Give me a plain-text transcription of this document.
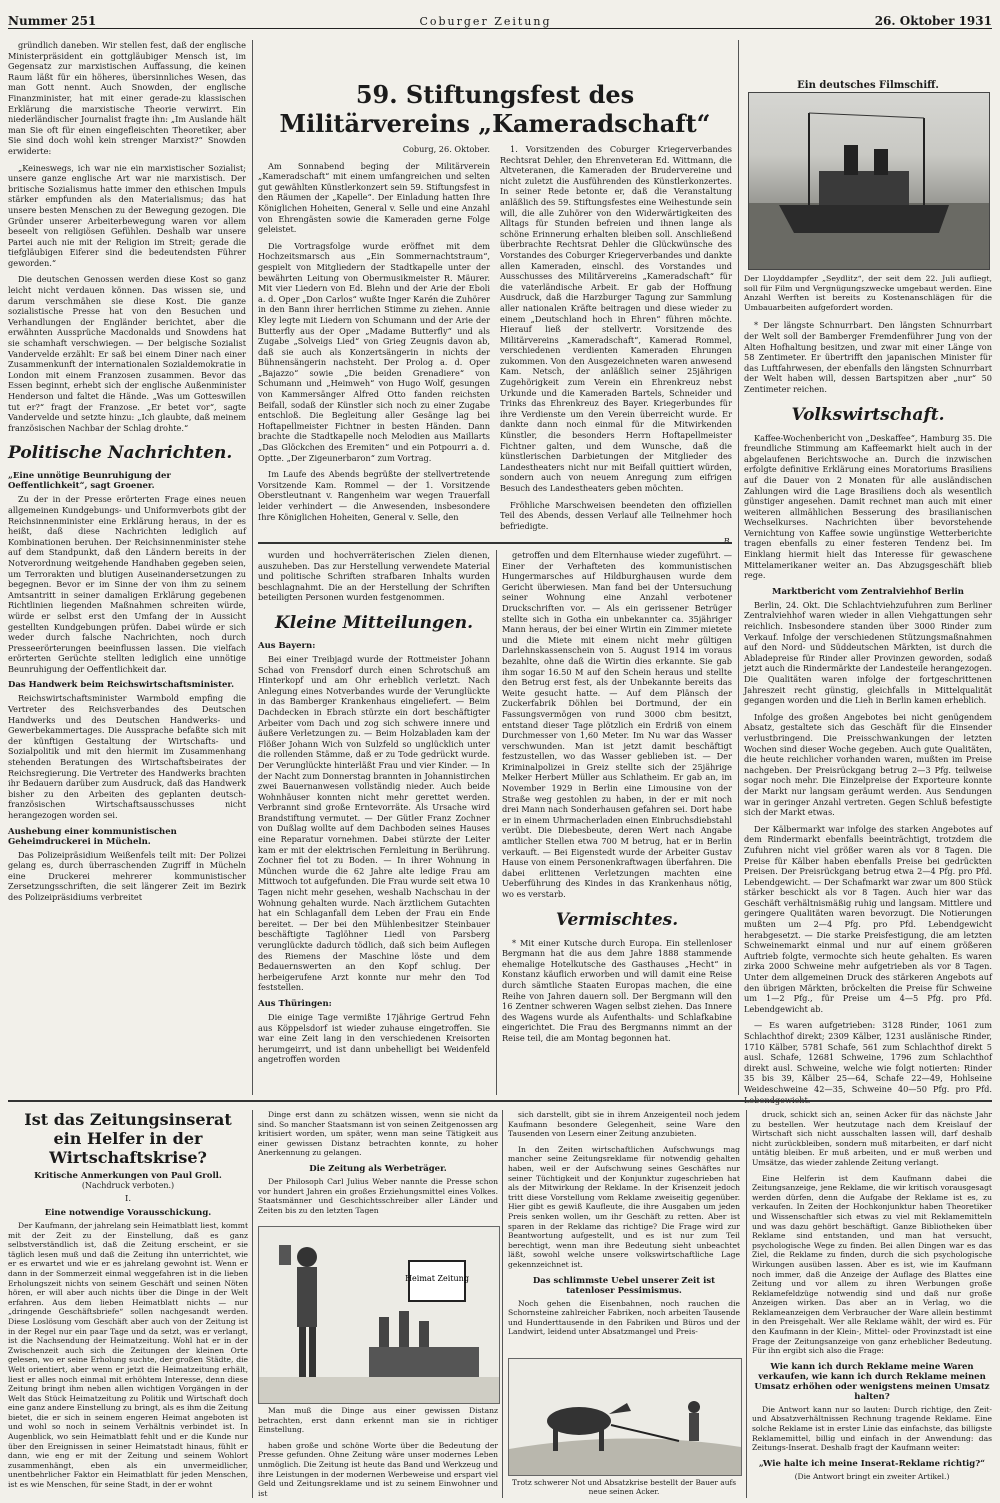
Nummer 251	Coburger Zeitung	26. Oktober 1931

gründlich daneben. Wir stellen fest, daß der englische Ministerpräsident ein gottgläubiger Mensch ist, im Gegensatz zur marxistischen Auffassung, die keinen Raum läßt für ein höheres, übersinnliches Wesen, das man Gott nennt. Auch Snowden, der englische Finanzminister, hat mit einer gerade-zu klassischen Erklärung die marxistische Theorie verwirrt. Ein niederländischer Journalist fragte ihn: „Im Auslande hält man Sie oft für einen eingefleischten Theoretiker, aber Sie sind doch wohl kein strenger Marxist?“ Snowden erwiderte:

„Keineswegs, ich war nie ein marxistischer Sozialist; unsere ganze englische Art war nie marxistisch. Der britische Sozialismus hatte immer den ethischen Impuls stärker empfunden als den Materialismus; das hat unsere besten Menschen zu der Bewegung gezogen. Die Gründer unserer Arbeiterbewegung waren vor allem beseelt von religiösen Gefühlen. Deshalb war unsere Partei auch nie mit der Religion im Streit; gerade die tiefgläubigen Eiferer sind die bedeutendsten Führer geworden.“

Die deutschen Genossen werden diese Kost so ganz leicht nicht verdauen können. Das wissen sie, und darum verschmähen sie diese Kost. Die ganze sozialistische Presse hat von den Besuchen und Verhandlungen der Engländer berichtet, aber die erwähnten Aussprüche Macdonalds und Snowdens hat sie schamhaft verschwiegen. — Der belgische Sozialist Vandervelde erzählt: Er saß bei einem Diner nach einer Zusammenkunft der internationalen Sozialdemokratie in London mit einem Franzosen zusammen. Bevor das Essen beginnt, erhebt sich der englische Außenminister Henderson und faltet die Hände. „Was um Gotteswillen tut er?“ fragt der Franzose. „Er betet vor“, sagte Vandervelde und setzte hinzu: „Ich glaubte, daß meinem französischen Nachbar der Schlag drohte.“

Politische Nachrichten.
„Eine unnötige Beunruhigung der Oeffentlichkeit“, sagt Groener.

Zu der in der Presse erörterten Frage eines neuen allgemeinen Kundgebungs- und Uniformverbots gibt der Reichsinnenminister eine Erklärung heraus, in der es heißt, daß diese Nachrichten lediglich auf Kombinationen beruhen. Der Reichsinnenminister stehe auf dem Standpunkt, daß den Ländern bereits in der Notverordnung weitgehende Handhaben gegeben seien, um Terrorakten und blutigen Auseinandersetzungen zu begegnen. Bevor er im Sinne der von ihm zu seinem Amtsantritt in seiner damaligen Erklärung gegebenen Richtlinien liegenden Maßnahmen schreiten würde, würde er selbst erst den Umfang der in Aussicht gestellten Kundgebungen prüfen. Dabei würde er sich weder durch falsche Nachrichten, noch durch Presseerörterungen beeinflussen lassen. Die vielfach erörterten Gerüchte stellten lediglich eine unnötige Beunruhigung der Oeffentlichkeit dar.

Das Handwerk beim Reichswirtschaftsminister.

Reichswirtschaftsminister Warmbold empfing die Vertreter des Reichsverbandes des Deutschen Handwerks und des Deutschen Handwerks- und Gewerbekammertages. Die Aussprache befaßte sich mit der künftigen Gestaltung der Wirtschafts- und Sozialpolitik und mit den hiermit im Zusammenhang stehenden Beratungen des Wirtschaftsbeirates der Reichsregierung. Die Vertreter des Handwerks brachten ihr Bedauern darüber zum Ausdruck, daß das Handwerk bisher zu den Arbeiten des geplanten deutsch-französischen Wirtschaftsausschusses nicht herangezogen worden sei.

Aushebung einer kommunistischen Geheimdruckerei in Mücheln.

Das Polizeipräsidium Weißenfels teilt mit: Der Polizei gelang es, durch überraschenden Zugriff in Mücheln eine Druckerei mehrerer kommunistischer Zersetzungsschriften, die seit längerer Zeit im Bezirk des Polizeipräsidiums verbreitet

59. Stiftungsfest des Militärvereins „Kameradschaft“

Coburg, 26. Oktober.

Am Sonnabend beging der Militärverein „Kameradschaft“ mit einem umfangreichen und selten gut gewählten Künstlerkonzert sein 59. Stiftungsfest in den Räumen der „Kapelle“. Der Einladung hatten Ihre Königlichen Hoheiten, General v. Selle und eine Anzahl von Ehrengästen sowie die Kameraden gerne Folge geleistet.

Die Vortragsfolge wurde eröffnet mit dem Hochzeitsmarsch aus „Ein Sommernachtstraum“, gespielt von Mitgliedern der Stadtkapelle unter der bewährten Leitung von Obermusikmeister R. Mäurer. Mit vier Liedern von Ed. Blehn und der Arie der Eboli a. d. Oper „Don Carlos“ wußte Inger Karén die Zuhörer in den Bann ihrer herrlichen Stimme zu ziehen. Annie Kley legte mit Liedern von Schumann und der Arie der Butterfly aus der Oper „Madame Butterfly“ und als Zugabe „Solveigs Lied“ von Grieg Zeugnis davon ab, daß sie auch als Konzertsängerin in nichts der Bühnensängerin nachsteht. Der Prolog a. d. Oper „Bajazzo“ sowie „Die beiden Grenadiere“ von Schumann und „Heimweh“ von Hugo Wolf, gesungen von Kammersänger Alfred Otto fanden reichsten Beifall, sodaß der Künstler sich noch zu einer Zugabe entschloß. Die Begleitung aller Gesänge lag bei Hoftapellmeister Fichtner in besten Händen. Dann brachte die Stadtkapelle noch Melodien aus Maillarts „Das Glöckchen des Eremiten“ und ein Potpourri a. d. Optte. „Der Zigeunerbaron“ zum Vortrag.

Im Laufe des Abends begrüßte der stellvertretende Vorsitzende Kam. Rommel — der 1. Vorsitzende Oberstleutnant v. Rangenheim war wegen Trauerfall leider verhindert — die Anwesenden, insbesondere Ihre Königlichen Hoheiten, General v. Selle, den

1. Vorsitzenden des Coburger Kriegerverbandes Rechtsrat Dehler, den Ehrenveteran Ed. Wittmann, die Altveteranen, die Kameraden der Brudervereine und nicht zuletzt die Ausführenden des Künstlerkonzertes. In seiner Rede betonte er, daß die Veranstaltung anläßlich des 59. Stiftungsfestes eine Weihestunde sein will, die alle Zuhörer von den Widerwärtigkeiten des Alltags für Stunden befreien und ihnen lange als schöne Erinnerung erhalten bleiben soll. Anschließend überbrachte Rechtsrat Dehler die Glückwünsche des Vorstandes des Coburger Kriegerverbandes und dankte allen Kameraden, einschl. des Vorstandes und Ausschusses des Militärvereins „Kameradschaft“ für die vaterländische Arbeit. Er gab der Hoffnung Ausdruck, daß die Harzburger Tagung zur Sammlung aller nationalen Kräfte beitragen und diese wieder zu einem „Deutschland hoch in Ehren“ führen möchte. Hierauf ließ der stellvertr. Vorsitzende des Militärvereins „Kameradschaft“, Kamerad Rommel, verschiedenen verdienten Kameraden Ehrungen zukommen. Von den Ausgezeichneten waren anwesend Kam. Netsch, der anläßlich seiner 25jährigen Zugehörigkeit zum Verein ein Ehrenkreuz nebst Urkunde und die Kameraden Bartels, Schneider und Trinks das Ehrenkreuz des Bayer. Kriegerbundes für ihre Verdienste um den Verein überreicht wurde. Er dankte dann noch einmal für die Mitwirkenden Künstler, die besonders Herrn Hoftapellmeister Fichtner galten, und dem Wunsche, daß die künstlerischen Darbietungen der Mitglieder des Landestheaters nicht nur mit Beifall quittiert würden, sondern auch von neuem Anregung zum eifrigen Besuch des Landestheaters geben möchten.

Fröhliche Marschweisen beendeten den offiziellen Teil des Abends, dessen Verlauf alle Teilnehmer hoch befriedigte.

wurden und hochverräterischen Zielen dienen, auszuheben. Das zur Herstellung verwendete Material und politische Schriften strafbaren Inhalts wurden beschlagnahmt. Die an der Herstellung der Schriften beteiligten Personen wurden festgenommen.

Kleine Mitteilungen.
Aus Bayern:

Bei einer Treibjagd wurde der Rottmeister Johann Schad von Frensdorf durch einen Schrotschuß am Hinterkopf und am Ohr erheblich verletzt. Nach Anlegung eines Notverbandes wurde der Verunglückte in das Bamberger Krankenhaus eingeliefert. — Beim Dachdecken in Ebrach stürzte ein dort beschäftigter Arbeiter vom Dach und zog sich schwere innere und äußere Verletzungen zu. — Beim Holzabladen kam der Flößer Johann Wich von Sulzfeld so unglücklich unter die rollenden Stämme, daß er zu Tode gedrückt wurde. Der Verunglückte hinterläßt Frau und vier Kinder. — In der Nacht zum Donnerstag brannten in Johannistirchen zwei Bauernanwesen vollständig nieder. Auch beide Wohnhäuser konnten nicht mehr gerettet werden. Verbrannt sind große Erntevorräte. Als Ursache wird Brandstiftung vermutet. — Der Gütler Franz Zochner von Dußlag wollte auf dem Dachboden seines Hauses eine Reparatur vornehmen. Dabei stürzte der Leiter kam er mit der elektrischen Fernleitung in Berührung. Zochner fiel tot zu Boden. — In ihrer Wohnung in München wurde die 62 Jahre alte ledige Frau am Mittwoch tot aufgefunden. Die Frau wurde seit etwa 10 Tagen nicht mehr gesehen, weshalb Nachschau in der Wohnung gehalten wurde. Nach ärztlichem Gutachten hat ein Schlaganfall dem Leben der Frau ein Ende bereitet. — Der bei den Mühlenbesitzer Steinbauer beschäftigte Taglöhner Liedl von Parsberg verunglückte dadurch tödlich, daß sich beim Auflegen des Riemens der Maschine löste und dem Bedauernswerten an den Kopf schlug. Der herbeigerufene Arzt konnte nur mehr den Tod feststellen.

Aus Thüringen:

Die einige Tage vermißte 17jährige Gertrud Fehn aus Köppelsdorf ist wieder zuhause eingetroffen. Sie war eine Zeit lang in den verschiedenen Kreisorten herumgeirrt, und ist dann unbehelligt bei Weidenfeld angetroffen worden

getroffen und dem Elternhause wieder zugeführt. — Einer der Verhafteten des kommunistischen Hungermarsches auf Hildburghausen wurde dem Gericht überwiesen. Man fand bei der Untersuchung seiner Wohnung eine Anzahl verbotener Druckschriften vor. — Als ein gerissener Betrüger stellte sich in Gotha ein unbekannter ca. 35jähriger Mann heraus, der bei einer Wirtin ein Zimmer mietete und die Miete mit einem nicht mehr gültigen Darlehnskassenschein von 5. August 1914 im voraus bezahlte, ohne daß die Wirtin dies erkannte. Sie gab ihm sogar 16.50 M auf den Schein heraus und stellte den Betrug erst fest, als der Unbekannte bereits das Weite gesucht hatte. — Auf dem Plänsch der Zuckerfabrik Döhlen bei Dortmund, der ein Fassungsvermögen von rund 3000 cbm besitzt, entstand dieser Tage plötzlich ein Erdriß von einem Durchmesser von 1,60 Meter. Im Nu war das Wasser verschwunden. Man ist jetzt damit beschäftigt festzustellen, wo das Wasser geblieben ist. — Der Kriminalpolizei in Greiz stellte sich der 25jährige Melker Herbert Müller aus Schlatheim. Er gab an, im November 1929 in Berlin eine Limousine von der Straße weg gestohlen zu haben, in der er mit noch drei Mann nach Sonderhausen gefahren sei. Dort habe er in einem Uhrmacherladen einen Einbruchsdiebstahl verübt. Die Diebesbeute, deren Wert nach Angabe amtlicher Stellen etwa 700 M betrug, hat er in Berlin verkauft. — Bei Eigenstedt wurde der Arbeiter Gustav Hause von einem Personenkraftwagen überfahren. Die dabei erlittenen Verletzungen machten eine Ueberführung des Kindes in das Krankenhaus nötig, wo es verstarb.

Vermischtes.

* Mit einer Kutsche durch Europa. Ein stellenloser Bergmann hat die aus dem Jahre 1888 stammende ehemalige Hotelkutsche des Gasthauses „Hecht“ in Konstanz käuflich erworben und will damit eine Reise durch sämtliche Staaten Europas machen, die eine Reihe von Jahren dauern soll. Der Bergmann will den 16 Zentner schweren Wagen selbst ziehen. Das Innere des Wagens wurde als Aufenthalts- und Schlafkabine eingerichtet. Die Frau des Bergmanns nimmt an der Reise teil, die am Montag begonnen hat.

Ein deutsches Filmschiff.
Der Lloyddampfer „Seydlitz“, der seit dem 22. Juli aufliegt, soll für Film und Vergnügungszwecke umgebaut werden. Eine Anzahl Werften ist bereits zu Kostenanschlägen für die Umbauarbeiten aufgefordert worden.

* Der längste Schnurrbart. Den längsten Schnurrbart der Welt soll der Bamberger Fremdenführer Jung von der Alten Hofhaltung besitzen, und zwar mit einer Länge von 58 Zentimeter. Er übertrifft den japanischen Minister für das Luftfahrwesen, der ebenfalls den längsten Schnurrbart der Welt haben will, dessen Bartspitzen aber „nur“ 50 Zentimeter reichen.

Volkswirtschaft.

Kaffee-Wochenbericht von „Deskaffee“, Hamburg 35. Die freundliche Stimmung am Kaffeemarkt hielt auch in der abgelaufenen Berichtswoche an. Durch die inzwischen erfolgte definitive Erklärung eines Moratoriums Brasiliens auf die Dauer von 2 Monaten für alle ausländischen Zahlungen wird die Lage Brasiliens doch als wesentlich günstiger angesehen. Damit rechnet man auch mit einer weiteren allmählichen Besserung des brasilianischen Wechselkurses. Nachrichten über bevorstehende Vernichtung von Kaffee sowie ungünstige Wetterberichte tragen ebenfalls zu einer festeren Tendenz bei. Im Einklang hiermit hielt das Interesse für gewaschene Mittelamerikaner weiter an. Das Abzugsgeschäft blieb rege.

Marktbericht vom Zentralviehhof Berlin

Berlin, 24. Okt. Die Schlachtviehzufuhren zum Berliner Zentralviehhof waren wieder in allen Viehgattungen sehr reichlich. Insbesondere standen über 3000 Rinder zum Verkauf. Infolge der verschiedenen Stützungsmaßnahmen auf den Nord- und Süddeutschen Märkten, ist durch die Abladepreise für Rinder aller Provinzen geworden, sodaß jetzt auch die Rindermärkte der Landesteile herangezogen. Die Qualitäten waren infolge der fortgeschrittenen Jahreszeit recht günstig, gleichfalls in Mittelqualität gegangen worden und die Lieh in Berlin kamen erheblich.

Infolge des großen Angebotes bei nicht genügendem Absatz, gestaltete sich das Geschäft für die Einsender verlustbringend. Die Preisschwankungen der letzten Wochen sind dieser Woche gegeben. Auch gute Qualitäten, die heute reichlicher vorhanden waren, mußten im Preise nachgeben. Der Preisrückgang betrug 2—3 Pfg. teilweise sogar noch mehr. Die Einzelpreise der Exporteure konnte der Markt nur langsam geräumt werden. Aus Sendungen war in geringer Anzahl vertreten. Gegen Schluß befestigte sich der Markt etwas.

Der Kälbermarkt war infolge des starken Angebotes auf dem Rindermarkt ebenfalls beeinträchtigt, trotzdem die Zufuhren nicht viel größer waren als vor 8 Tagen. Die Preise für Kälber haben ebenfalls Preise bei gedrückten Preisen. Der Preisrückgang betrug etwa 2—4 Pfg. pro Pfd. Lebendgewicht. — Der Schafmarkt war zwar um 800 Stück stärker beschickt als vor 8 Tagen. Auch hier war das Geschäft verhältnismäßig ruhig und langsam. Mittlere und geringere Qualitäten waren bevorzugt. Die Notierungen mußten um 2—4 Pfg. pro Pfd. Lebendgewicht herabgesetzt. — Die starke Preisfestigung, die am letzten Schweinemarkt einmal und nur auf einem größeren Auftrieb folgte, vermochte sich heute gehalten. Es waren zirka 2000 Schweine mehr aufgetrieben als vor 8 Tagen. Unter dem allgemeinen Druck des stärkeren Angebots auf den übrigen Märkten, bröckelten die Preise für Schweine um 1—2 Pfg., für Preise um 4—5 Pfg. pro Pfd. Lebendgewicht ab.

— Es waren aufgetrieben: 3128 Rinder, 1061 zum Schlachthof direkt; 2309 Kälber, 1231 auslänische Rinder, 1710 Kälber, 5781 Schafe, 561 zum Schlachthof direkt 5 ausl. Schafe, 12681 Schweine, 1796 zum Schlachthof direkt ausl. Schweine, welche wie folgt notierten: Rinder 35 bis 39, Kälber 25—64, Schafe 22—49, Hohlseine Weideschweine 42—35, Schweine 40—50 Pfg. pro Pfd.

Ist das Zeitungsinserat ein Helfer in der Wirtschaftskrise?
Kritische Anmerkungen von Paul Groll.
(Nachdruck verboten.)
I.
Eine notwendige Vorausschickung.

Der Kaufmann, der jahrelang sein Heimatblatt liest, kommt mit der Zeit zu der Einstellung, daß es ganz selbstverständlich ist, daß die Zeitung erscheint, er sie täglich lesen muß und daß die Zeitung ihn unterrichtet, wie er es erwartet und wie er es jahrelang gewohnt ist. Wenn er dann in der Sommerzeit einmal weggefahren ist in die lieben Erholungszeit nichts von seinem Geschäft und seinen Nöten hören, er will aber auch nichts über die Dinge in der Welt erfahren. Aus dem lieben Heimatblatt nichts — nur „dringende Geschäftsbriefe“ sollen nachgesandt werden. Diese Loslösung vom Geschäft aber auch von der Zeitung ist in der Regel nur ein paar Tage und da setzt, was er verlangt, ist die Nachsendung der Heimatzeitung. Wohl hat er in der Zwischenzeit auch sich die Zeitungen der kleinen Orte gelesen, wo er seine Erholung suchte, der großen Städte, die Welt orientiert, aber wenn er jetzt die Heimatzeitung erhält, liest er alles noch einmal mit erhöhtem Interesse, denn diese Zeitung bringt ihm neben allen wichtigen Vorgängen in der Welt das Stück Heimatzeitung zu Politik und Wirtschaft doch eine ganz andere Einstellung zu bringt, als es ihm die Zeitung bietet, die er sich in seinem engeren Heimat angeboten ist und wohl so noch in seinem Verhältnis verbindet ist. In Augenblick, wo sein Heimatblatt fehlt und er die Kunde nur über den Ereignissen in seiner Heimatstadt hinaus, fühlt er dann, wie eng er mit der Zeitung und seinem Wohlort zusammenhängt, eben als ein unvermeidlicher, unentbehrlicher Faktor ein Heimatblatt für jeden Menschen, ist es wie Menschen, für seine Stadt, in der er wohnt

Dinge erst dann zu schätzen wissen, wenn sie nicht da sind. So mancher Staatsmann ist von seinen Zeitgenossen arg kritisiert worden, um später, wenn man seine Tätigkeit aus einer gewissen Distanz betrachten konnte, zu hoher Anerkennung zu gelangen.

Die Zeitung als Werbeträger.

Der Philosoph Carl Julius Weber nannte die Presse schon vor hundert Jahren ein großes Erziehungsmittel eines Volkes. Staatsmänner und Geschichtsschreiber aller Länder und Zeiten bis zu den letzten Tagen

Heimat Zeitung

Man muß die Dinge aus einer gewissen Distanz betrachten, erst dann erkennt man sie in richtiger Einstellung.

haben große und schöne Worte über die Bedeutung der Presse gefunden. Ohne Zeitung wäre unser modernes Leben unmöglich. Die Zeitung ist heute das Band und Werkzeug und ihre Leistungen in der modernen Werbeweise und erspart viel Geld und Zeitungsreklame und ist zu seinem Einwohner und ist

sich darstellt, gibt sie in ihrem Anzeigenteil noch jedem Kaufmann besondere Gelegenheit, seine Ware den Tausenden von Lesern einer Zeitung anzubieten.

In den Zeiten wirtschaftlichen Aufschwungs mag mancher seine Zeitungsreklame für notwendig gehalten haben, weil er der Aufschwung seines Geschäftes nur seiner Tüchtigkeit und der Konjunktur zugeschrieben hat als der Mitwirkung der Reklame. In der Krisenzeit jedoch tritt diese Vorstellung vom Reklame zweiseitig gegenüber. Hier gibt es gewiß Kaufleute, die ihre Ausgaben um jeden Preis senken wollen, um ihr Geschäft zu retten. Aber ist sparen in der Reklame das richtige? Die Frage wird zur Beantwortung aufgestellt, und es ist nur zum Teil berechtigt, wenn man ihre Bedeutung sieht unbeachtet läßt, sowohl welche unsere volkswirtschaftliche Lage gekennzeichnet ist.

Das schlimmste Uebel unserer Zeit ist tatenloser Pessimismus.

Noch gehen die Eisenbahnen, noch rauchen die Schornsteine zahlreicher Fabriken, noch arbeiten Tausende und Hunderttausende in den Fabriken und Büros und der Landwirt, leidend unter Absatzmangel und Preis-

Trotz schwerer Not und Absatzkrise bestellt der Bauer aufs neue seinen Acker.

druck, schickt sich an, seinen Acker für das nächste Jahr zu bestellen. Wer heutzutage nach dem Kreislauf der Wirtschaft sich nicht ausschalten lassen will, darf deshalb nicht zurückbleiben, sondern muß mitarbeiten, er darf nicht untätig bleiben. Er muß arbeiten, und er muß werben und Umsätze, das wieder zahlende Zeitung verlangt.

Eine Helferin ist dem Kaufmann dabei die Zeitungsanzeige, jene Reklame, die wir kritisch vorausgesagt werden dürfen, denn die Aufgabe der Reklame ist es, zu verkaufen. In Zeiten der Hochkonjunktur haben Theoretiker und Wissenschaftler sich etwas zu viel mit Reklamemitteln und was dazu gehört beschäftigt. Ganze Bibliotheken über Reklame sind entstanden, und man hat versucht, psychologische Wege zu finden. Bei allen Dingen war es das Ziel, die Reklame zu finden, durch die sich psychologische Wirkungen ausüben lassen. Aber es ist, wie im Kaufmann noch immer, daß die Anzeige der Auflage des Blattes eine Zeitung und vor allem zu ihren Werbungen große Reklamefeldzüge notwendig sind und daß nur große Anzeigen wirken. Das aber an in Verlag, wo die Reklameanzeigen dem Verbraucher der Ware allein bestimmt in den Preisgehalt. Wer alle Reklame wählt, der wird es. Für den Kaufmann in der Klein-, Mittel- oder Provinzstadt ist eine Frage der Zeitungsanzeige von ganz erheblicher Bedeutung. Für ihn ergibt sich also die Frage:

Wie kann ich durch Reklame meine Waren verkaufen, wie kann ich durch Reklame meinen Umsatz erhöhen oder wenigstens meinen Umsatz halten?

Die Antwort kann nur so lauten: Durch richtige, den Zeit- und Absatzverhältnissen Rechnung tragende Reklame. Eine solche Reklame ist in erster Linie das einfachste, das billigste Reklamemittel, billig und einfach in der Anwendung: das Zeitungs-Inserat. Deshalb fragt der Kaufmann weiter:

„Wie halte ich meine Inserat-Reklame richtig?“
(Die Antwort bringt ein zweiter Artikel.)
